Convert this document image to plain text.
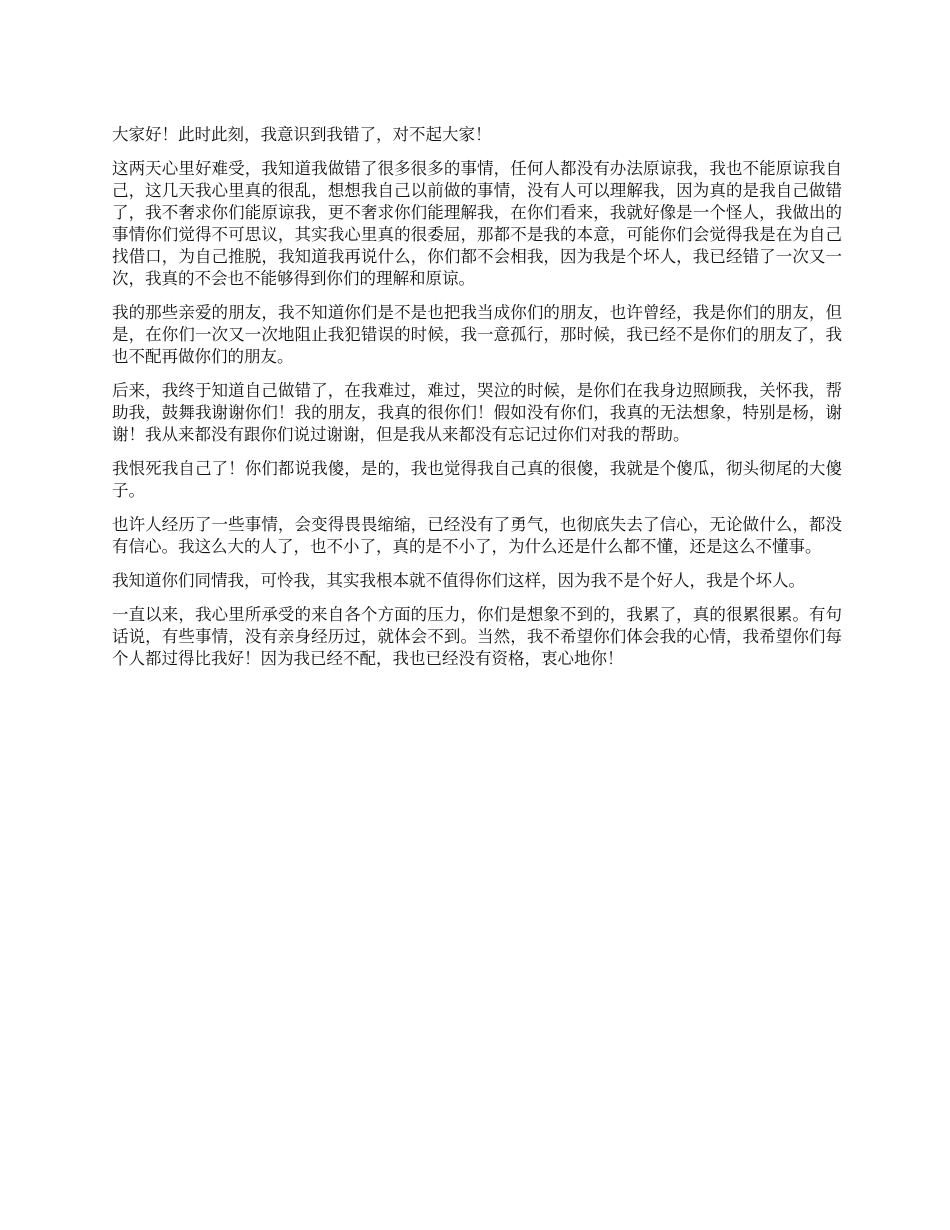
大家好！此时此刻，我意识到我错了，对不起大家！

这两天心里好难受，我知道我做错了很多很多的事情，任何人都没有办法原谅我，我也不能原谅我自己，这几天我心里真的很乱，想想我自己以前做的事情，没有人可以理解我，因为真的是我自己做错了，我不奢求你们能原谅我，更不奢求你们能理解我，在你们看来，我就好像是一个怪人，我做出的事情你们觉得不可思议，其实我心里真的很委屈，那都不是我的本意，可能你们会觉得我是在为自己找借口，为自己推脱，我知道我再说什么，你们都不会相我，因为我是个坏人，我已经错了一次又一次，我真的不会也不能够得到你们的理解和原谅。

我的那些亲爱的朋友，我不知道你们是不是也把我当成你们的朋友，也许曾经，我是你们的朋友，但是，在你们一次又一次地阻止我犯错误的时候，我一意孤行，那时候，我已经不是你们的朋友了，我也不配再做你们的朋友。

后来，我终于知道自己做错了，在我难过，难过，哭泣的时候，是你们在我身边照顾我，关怀我，帮助我，鼓舞我谢谢你们！我的朋友，我真的很你们！假如没有你们，我真的无法想象，特别是杨，谢谢！我从来都没有跟你们说过谢谢，但是我从来都没有忘记过你们对我的帮助。

我恨死我自己了！你们都说我傻，是的，我也觉得我自己真的很傻，我就是个傻瓜，彻头彻尾的大傻子。

也许人经历了一些事情，会变得畏畏缩缩，已经没有了勇气，也彻底失去了信心，无论做什么，都没有信心。我这么大的人了，也不小了，真的是不小了，为什么还是什么都不懂，还是这么不懂事。

我知道你们同情我，可怜我，其实我根本就不值得你们这样，因为我不是个好人，我是个坏人。

一直以来，我心里所承受的来自各个方面的压力，你们是想象不到的，我累了，真的很累很累。有句话说，有些事情，没有亲身经历过，就体会不到。当然，我不希望你们体会我的心情，我希望你们每个人都过得比我好！因为我已经不配，我也已经没有资格，衷心地你！
